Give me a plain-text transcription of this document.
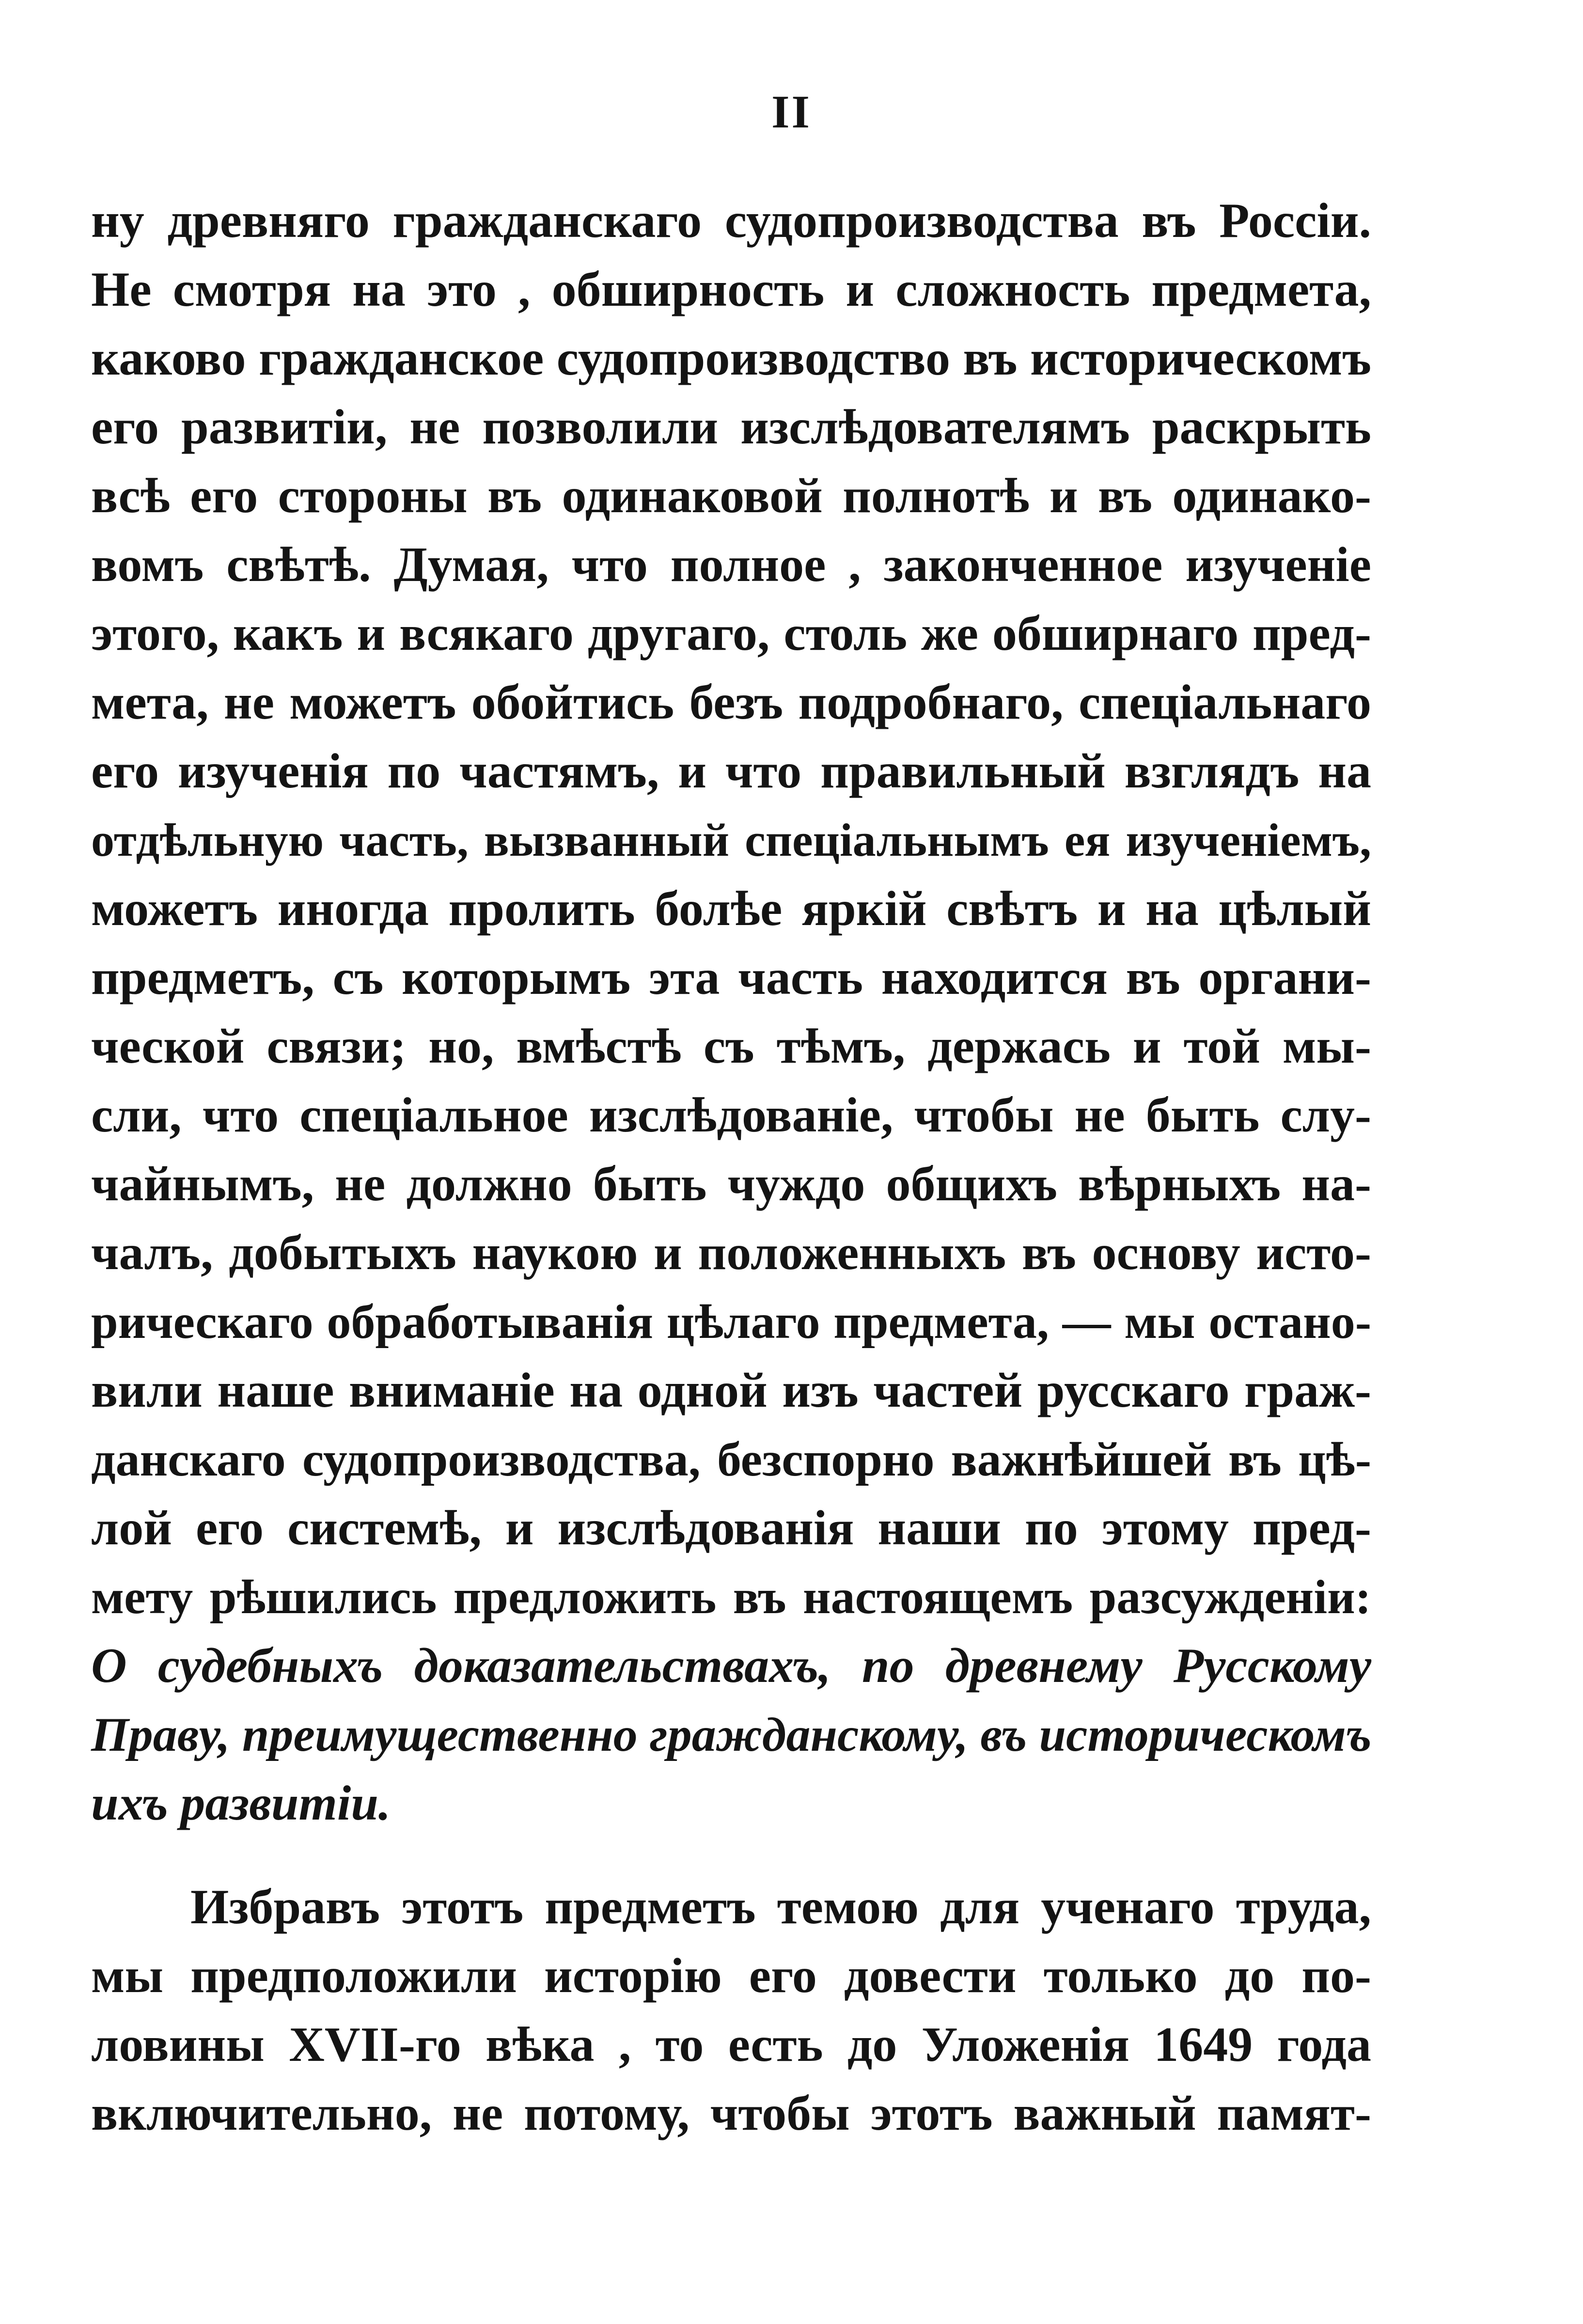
II
ну древняго гражданскаго судопроизводства въ Россіи.
Не смотря на это , обширность и сложность предмета,
каково гражданское судопроизводство въ историческомъ
его развитіи, не позволили изслѣдователямъ раскрыть
всѣ его стороны въ одинаковой полнотѣ и въ одинако-
вомъ свѣтѣ. Думая, что полное , законченное изученіе
этого, какъ и всякаго другаго, столь же обширнаго пред-
мета, не можетъ обойтись безъ подробнаго, спеціальнаго
его изученія по частямъ, и что правильный взглядъ на
отдѣльную часть, вызванный спеціальнымъ ея изученіемъ,
можетъ иногда пролить болѣе яркій свѣтъ и на цѣлый
предметъ, съ которымъ эта часть находится въ органи-
ческой связи; но, вмѣстѣ съ тѣмъ, держась и той мы-
сли, что спеціальное изслѣдованіе, чтобы не быть слу-
чайнымъ, не должно быть чуждо общихъ вѣрныхъ на-
чалъ, добытыхъ наукою и положенныхъ въ основу исто-
рическаго обработыванія цѣлаго предмета, — мы остано-
вили наше вниманіе на одной изъ частей русскаго граж-
данскаго судопроизводства, безспорно важнѣйшей въ цѣ-
лой его системѣ, и изслѣдованія наши по этому пред-
мету рѣшились предложить въ настоящемъ разсужденіи:
О судебныхъ доказательствахъ, по древнему Русскому
Праву, преимущественно гражданскому, въ историческомъ
ихъ развитіи.
Избравъ этотъ предметъ темою для ученаго труда,
мы предположили исторію его довести только до по-
ловины XVII-го вѣка , то есть до Уложенія 1649 года
включительно, не потому, чтобы этотъ важный памят-
